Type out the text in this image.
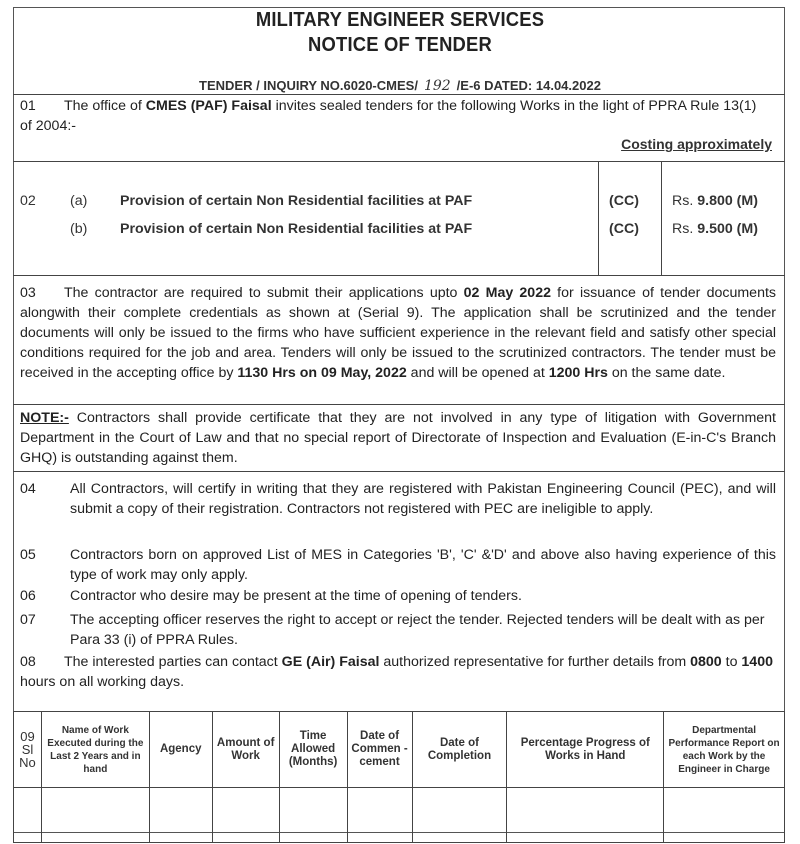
MILITARY ENGINEER SERVICES
NOTICE OF TENDER
TENDER / INQUIRY NO.6020-CMES/ 192 /E-6 DATED: 14.04.2022
01 The office of CMES (PAF) Faisal invites sealed tenders for the following Works in the light of PPRA Rule 13(1) of 2004:-
Costing approximately
02 (a) Provision of certain Non Residential facilities at PAF	(CC) Rs. 9.800 (M)
(b) Provision of certain Non Residential facilities at PAF	(CC) Rs. 9.500 (M)
03 The contractor are required to submit their applications upto 02 May 2022 for issuance of tender documents alongwith their complete credentials as shown at (Serial 9). The application shall be scrutinized and the tender documents will only be issued to the firms who have sufficient experience in the relevant field and satisfy other special conditions required for the job and area. Tenders will only be issued to the scrutinized contractors. The tender must be received in the accepting office by 1130 Hrs on 09 May, 2022 and will be opened at 1200 Hrs on the same date.
NOTE:- Contractors shall provide certificate that they are not involved in any type of litigation with Government Department in the Court of Law and that no special report of Directorate of Inspection and Evaluation (E-in-C's Branch GHQ) is outstanding against them.
04 All Contractors, will certify in writing that they are registered with Pakistan Engineering Council (PEC), and will submit a copy of their registration. Contractors not registered with PEC are ineligible to apply.
05 Contractors born on approved List of MES in Categories 'B', 'C' &'D' and above also having experience of this type of work may only apply.
06 Contractor who desire may be present at the time of opening of tenders.
07 The accepting officer reserves the right to accept or reject the tender. Rejected tenders will be dealt with as per Para 33 (i) of PPRA Rules.
08 The interested parties can contact GE (Air) Faisal authorized representative for further details from 0800 to 1400 hours on all working days.
09
Sl No	Name of Work Executed during the Last 2 Years and in hand	Agency	Amount of Work	Time Allowed (Months)	Date of Commen -cement	Date of Completion	Percentage Progress of Works in Hand	Departmental Performance Report on each Work by the Engineer in Charge
